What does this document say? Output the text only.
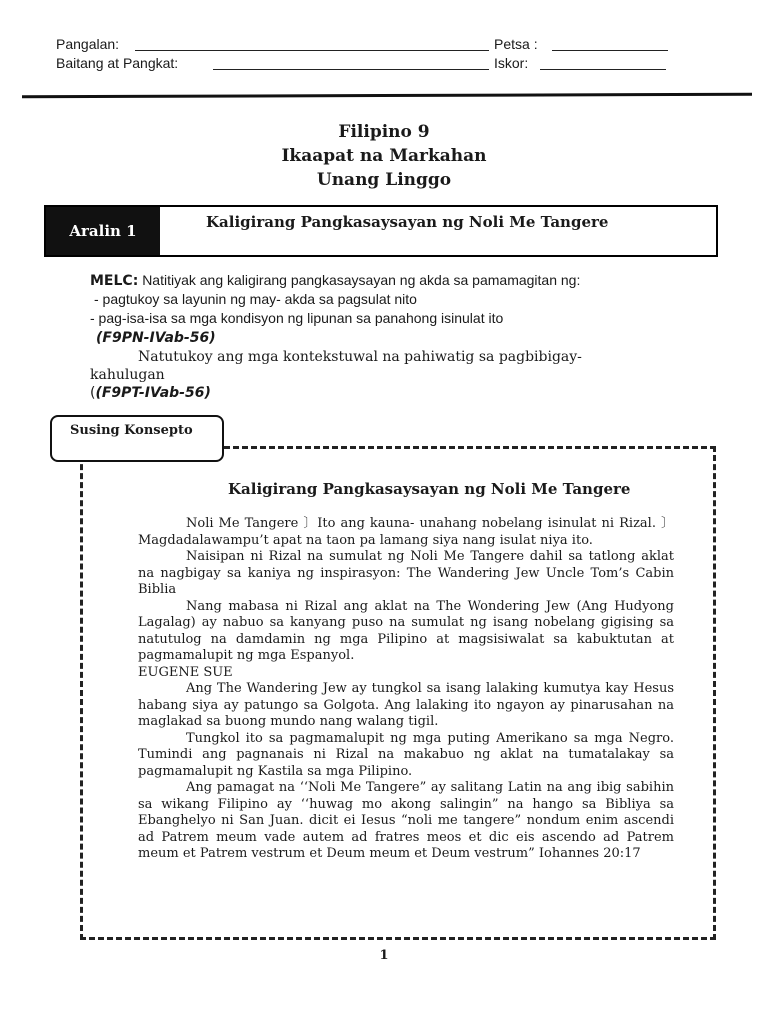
Pangalan:	Petsa :
Baitang at Pangkat:	Iskor:
Filipino 9
Ikaapat na Markahan
Unang Linggo
Aralin 1	Kaligirang Pangkasaysayan ng Noli Me Tangere
MELC: Natitiyak ang kaligirang pangkasaysayan ng akda sa pamamagitan ng:
- pagtukoy sa layunin ng may- akda sa pagsulat nito
- pag-isa-isa sa mga kondisyon ng lipunan sa panahong isinulat ito
(F9PN-IVab-56)
Natutukoy ang mga kontekstuwal na pahiwatig sa pagbibigay-
kahulugan
((F9PT-IVab-56)
Susing Konsepto
Kaligirang Pangkasaysayan ng Noli Me Tangere

Noli Me Tangere 〕Ito ang kauna- unahang nobelang isinulat ni Rizal. 〕Magdadalawampu’t apat na taon pa lamang siya nang isulat niya ito.

Naisipan ni Rizal na sumulat ng Noli Me Tangere dahil sa tatlong aklat na nagbigay sa kaniya ng inspirasyon: The Wandering Jew Uncle Tom’s Cabin Biblia

Nang mabasa ni Rizal ang aklat na The Wondering Jew (Ang Hudyong Lagalag) ay nabuo sa kanyang puso na sumulat ng isang nobelang gigising sa natutulog na damdamin ng mga Pilipino at magsisiwalat sa kabuktutan at pagmamalupit ng mga Espanyol.

EUGENE SUE

Ang The Wandering Jew ay tungkol sa isang lalaking kumutya kay Hesus habang siya ay patungo sa Golgota. Ang lalaking ito ngayon ay pinarusahan na maglakad sa buong mundo nang walang tigil.

Tungkol ito sa pagmamalupit ng mga puting Amerikano sa mga Negro. Tumindi ang pagnanais ni Rizal na makabuo ng aklat na tumatalakay sa pagmamalupit ng Kastila sa mga Pilipino.

Ang pamagat na ‘‘Noli Me Tangere” ay salitang Latin na ang ibig sabihin sa wikang Filipino ay ‘‘huwag mo akong salingin” na hango sa Bibliya sa Ebanghelyo ni San Juan. dicit ei Iesus “noli me tangere” nondum enim ascendi ad Patrem meum vade autem ad fratres meos et dic eis ascendo ad Patrem meum et Patrem vestrum et Deum meum et Deum vestrum” Iohannes 20:17

1
